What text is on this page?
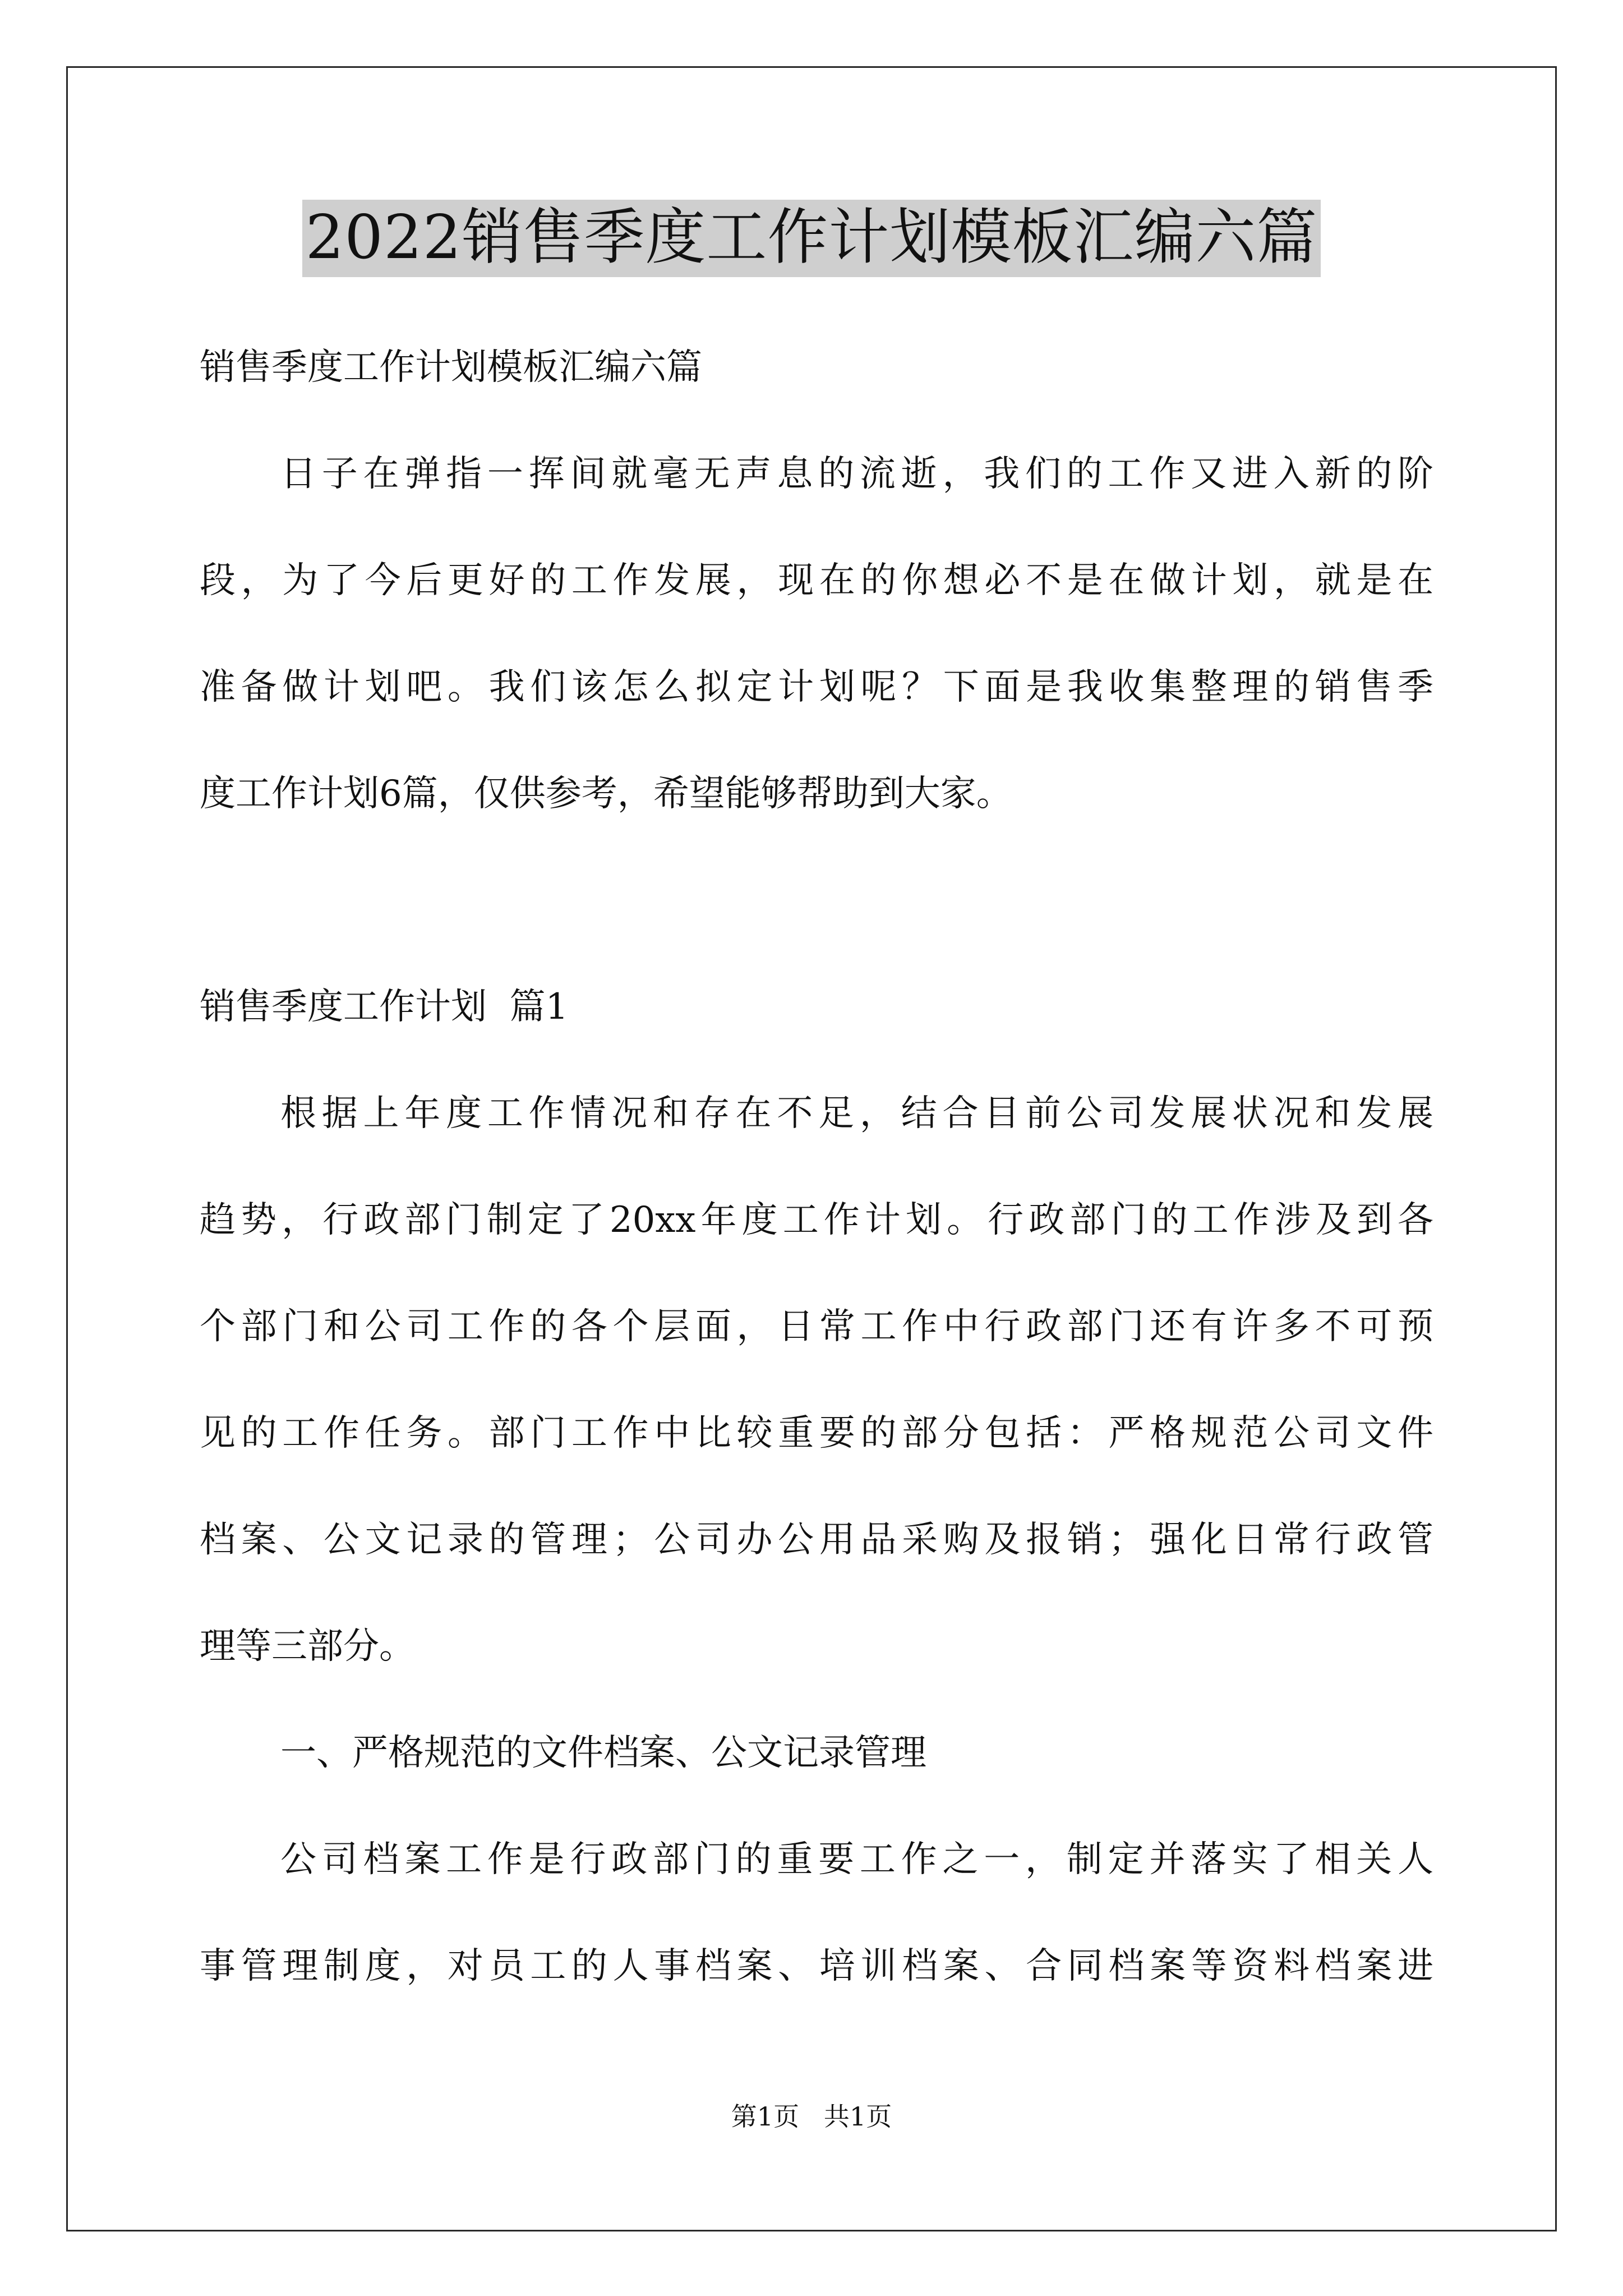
2022销售季度工作计划模板汇编六篇
销售季度工作计划模板汇编六篇
日子在弹指一挥间就毫无声息的流逝，我们的工作又进入新的阶
段，为了今后更好的工作发展，现在的你想必不是在做计划，就是在
准备做计划吧。我们该怎么拟定计划呢？下面是我收集整理的销售季
度工作计划6篇，仅供参考，希望能够帮助到大家。
销售季度工作计划  篇1
根据上年度工作情况和存在不足，结合目前公司发展状况和发展
趋势，行政部门制定了20xx年度工作计划。行政部门的工作涉及到各
个部门和公司工作的各个层面，日常工作中行政部门还有许多不可预
见的工作任务。部门工作中比较重要的部分包括：严格规范公司文件
档案、公文记录的管理；公司办公用品采购及报销；强化日常行政管
理等三部分。
一、严格规范的文件档案、公文记录管理
公司档案工作是行政部门的重要工作之一，制定并落实了相关人
事管理制度，对员工的人事档案、培训档案、合同档案等资料档案进
第1页   共1页
